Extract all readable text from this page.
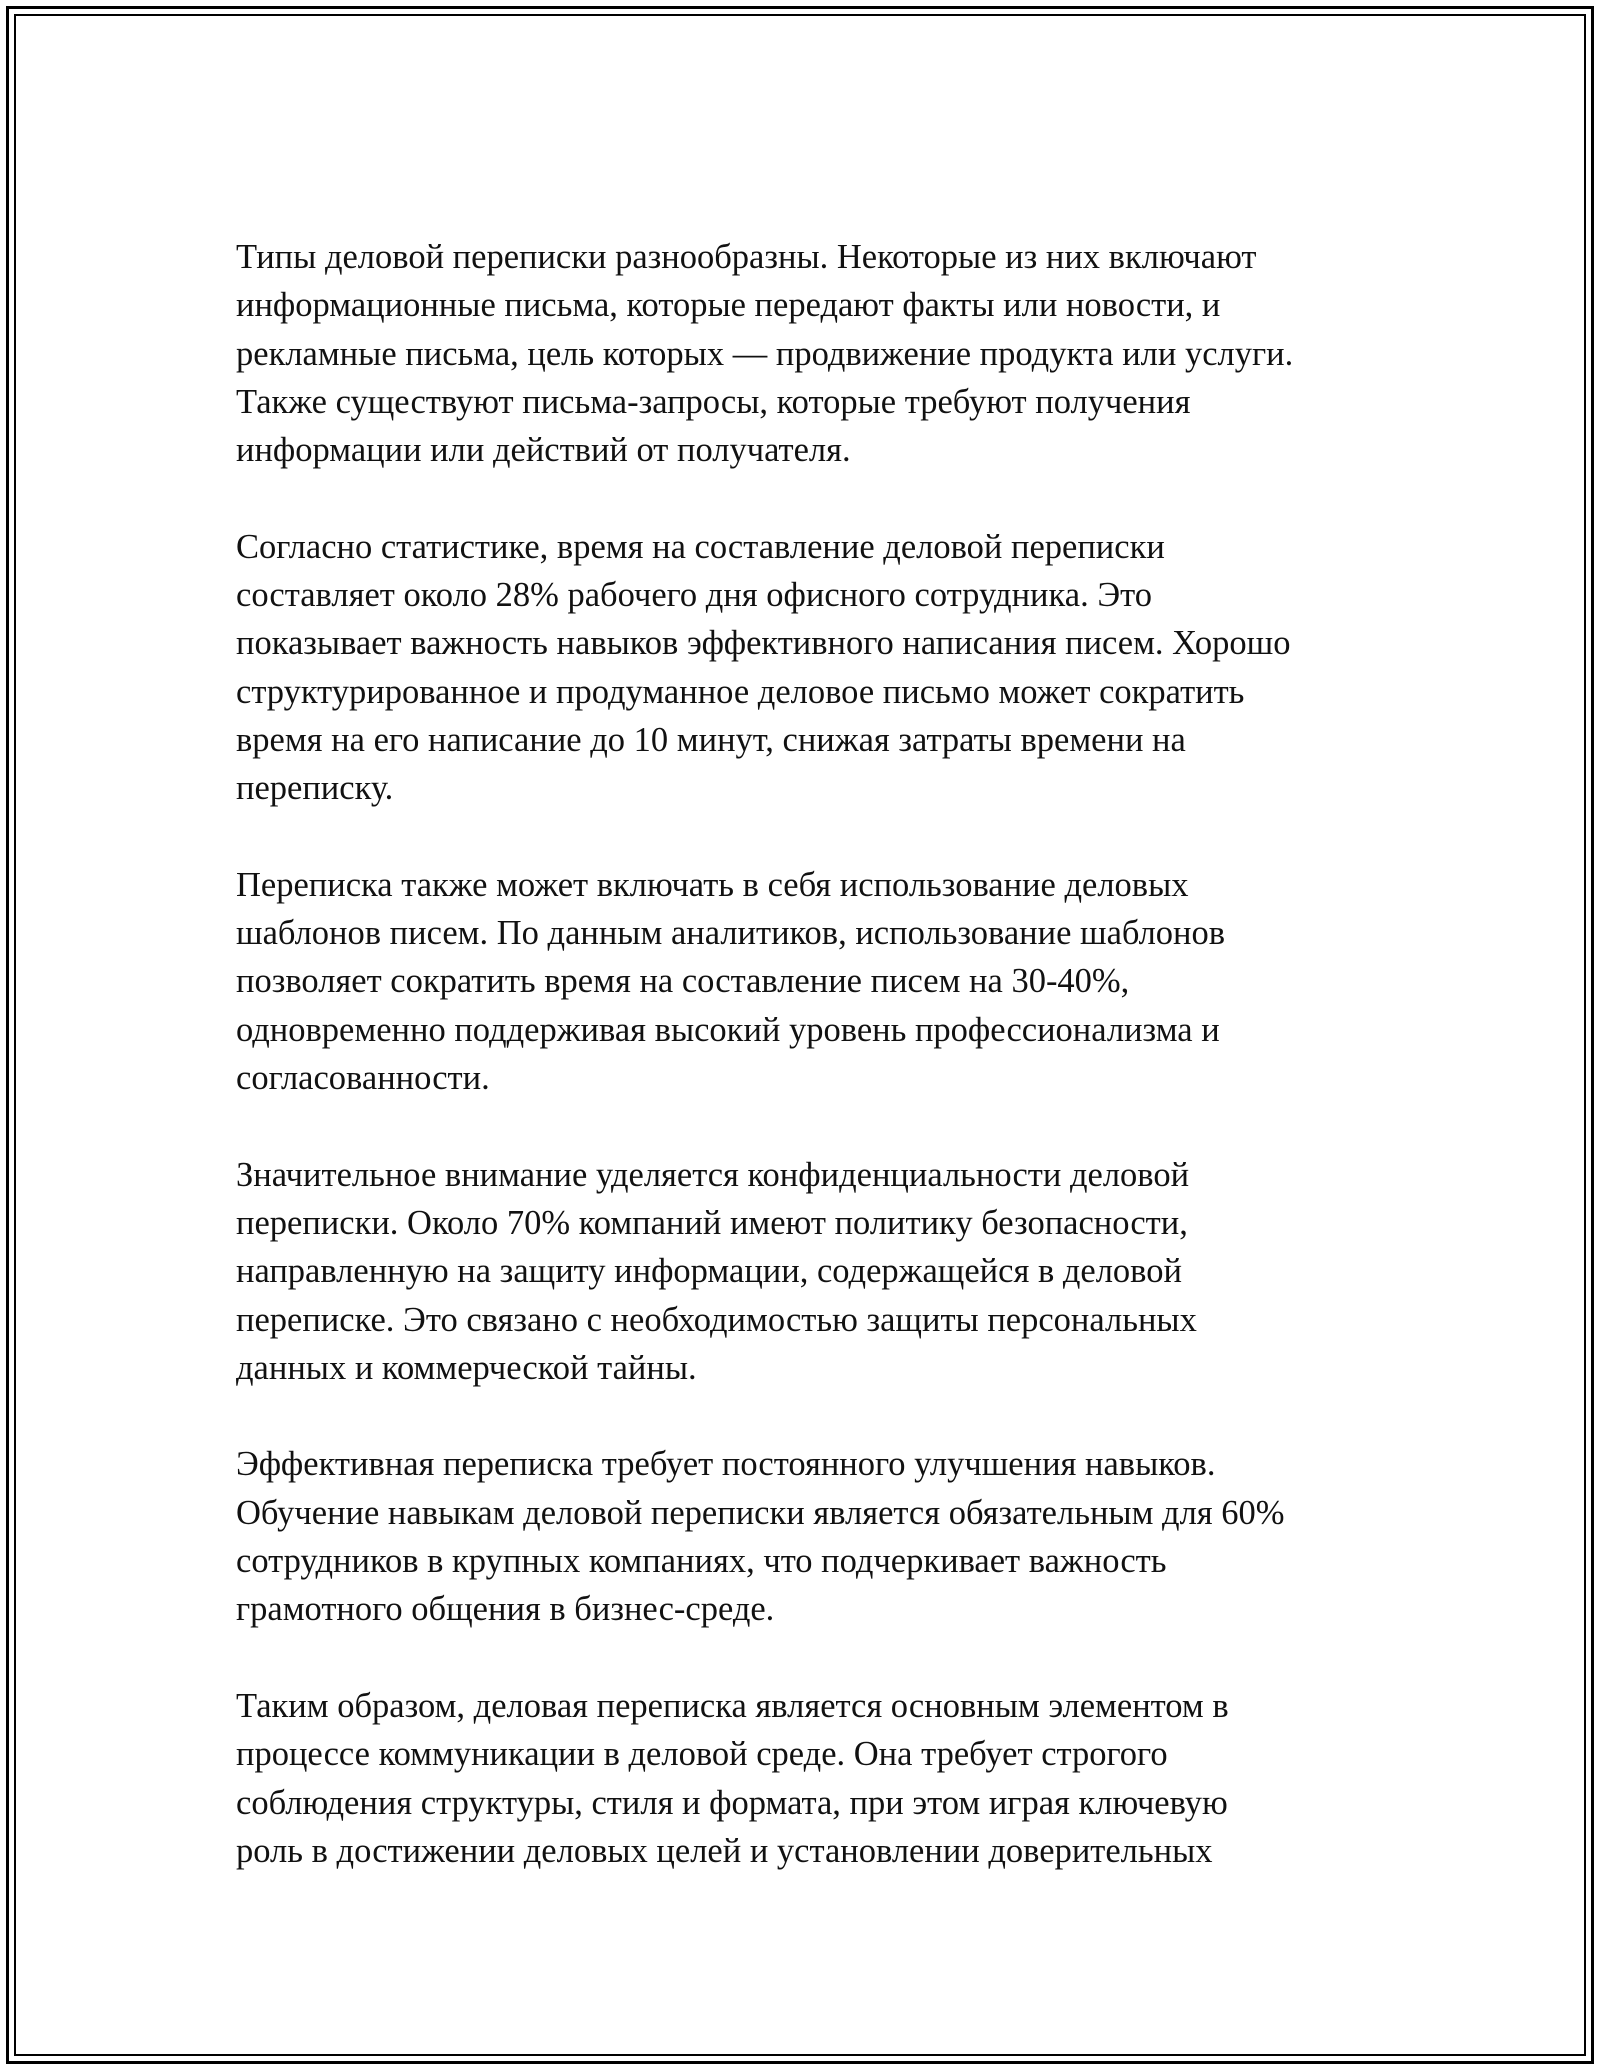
Типы деловой переписки разнообразны. Некоторые из них включают
информационные письма, которые передают факты или новости, и
рекламные письма, цель которых — продвижение продукта или услуги.
Также существуют письма-запросы, которые требуют получения
информации или действий от получателя.

Согласно статистике, время на составление деловой переписки
составляет около 28% рабочего дня офисного сотрудника. Это
показывает важность навыков эффективного написания писем. Хорошо
структурированное и продуманное деловое письмо может сократить
время на его написание до 10 минут, снижая затраты времени на
переписку.

Переписка также может включать в себя использование деловых
шаблонов писем. По данным аналитиков, использование шаблонов
позволяет сократить время на составление писем на 30-40%,
одновременно поддерживая высокий уровень профессионализма и
согласованности.

Значительное внимание уделяется конфиденциальности деловой
переписки. Около 70% компаний имеют политику безопасности,
направленную на защиту информации, содержащейся в деловой
переписке. Это связано с необходимостью защиты персональных
данных и коммерческой тайны.

Эффективная переписка требует постоянного улучшения навыков.
Обучение навыкам деловой переписки является обязательным для 60%
сотрудников в крупных компаниях, что подчеркивает важность
грамотного общения в бизнес-среде.

Таким образом, деловая переписка является основным элементом в
процессе коммуникации в деловой среде. Она требует строгого
соблюдения структуры, стиля и формата, при этом играя ключевую
роль в достижении деловых целей и установлении доверительных
